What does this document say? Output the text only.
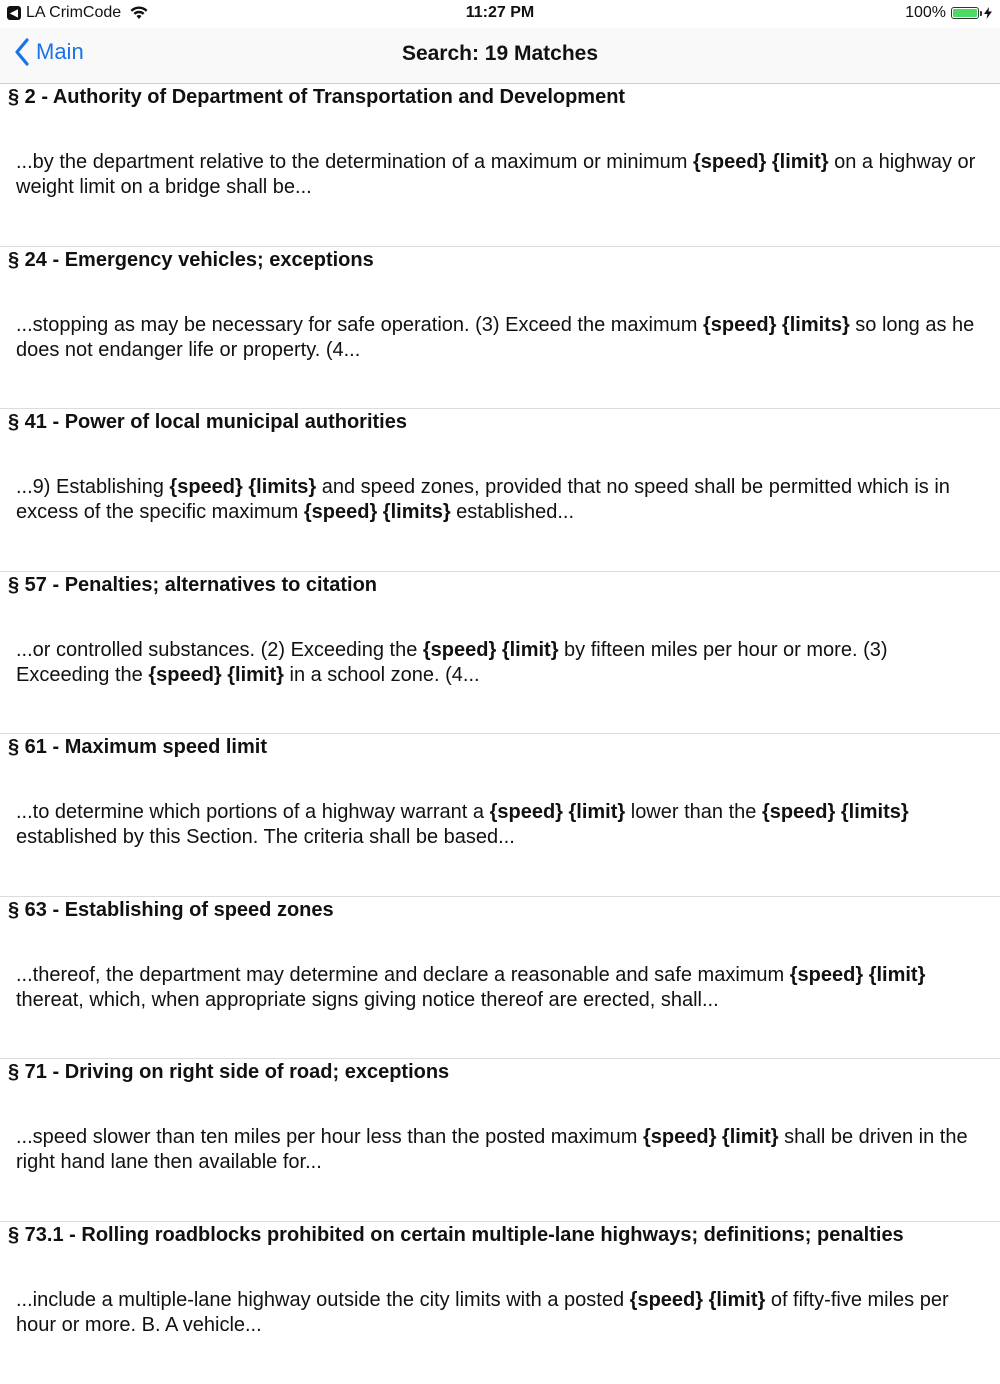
◀ LA CrimCode	11:27 PM	100%
Main	Search: 19 Matches
§ 2 - Authority of Department of Transportation and Development
...by the department relative to the determination of a maximum or minimum {speed} {limit} on a highway or weight limit on a bridge shall be...
§ 24 - Emergency vehicles; exceptions
...stopping as may be necessary for safe operation. (3) Exceed the maximum {speed} {limits} so long as he does not endanger life or property. (4...
§ 41 - Power of local municipal authorities
...9) Establishing {speed} {limits} and speed zones, provided that no speed shall be permitted which is in excess of the specific maximum {speed} {limits} established...
§ 57 - Penalties; alternatives to citation
...or controlled substances. (2) Exceeding the {speed} {limit} by fifteen miles per hour or more. (3) Exceeding the {speed} {limit} in a school zone. (4...
§ 61 - Maximum speed limit
...to determine which portions of a highway warrant a {speed} {limit} lower than the {speed} {limits} established by this Section. The criteria shall be based...
§ 63 - Establishing of speed zones
...thereof, the department may determine and declare a reasonable and safe maximum {speed} {limit} thereat, which, when appropriate signs giving notice thereof are erected, shall...
§ 71 - Driving on right side of road; exceptions
...speed slower than ten miles per hour less than the posted maximum {speed} {limit} shall be driven in the right hand lane then available for...
§ 73.1 - Rolling roadblocks prohibited on certain multiple-lane highways; definitions; penalties
...include a multiple-lane highway outside the city limits with a posted {speed} {limit} of fifty-five miles per hour or more. B. A vehicle...
